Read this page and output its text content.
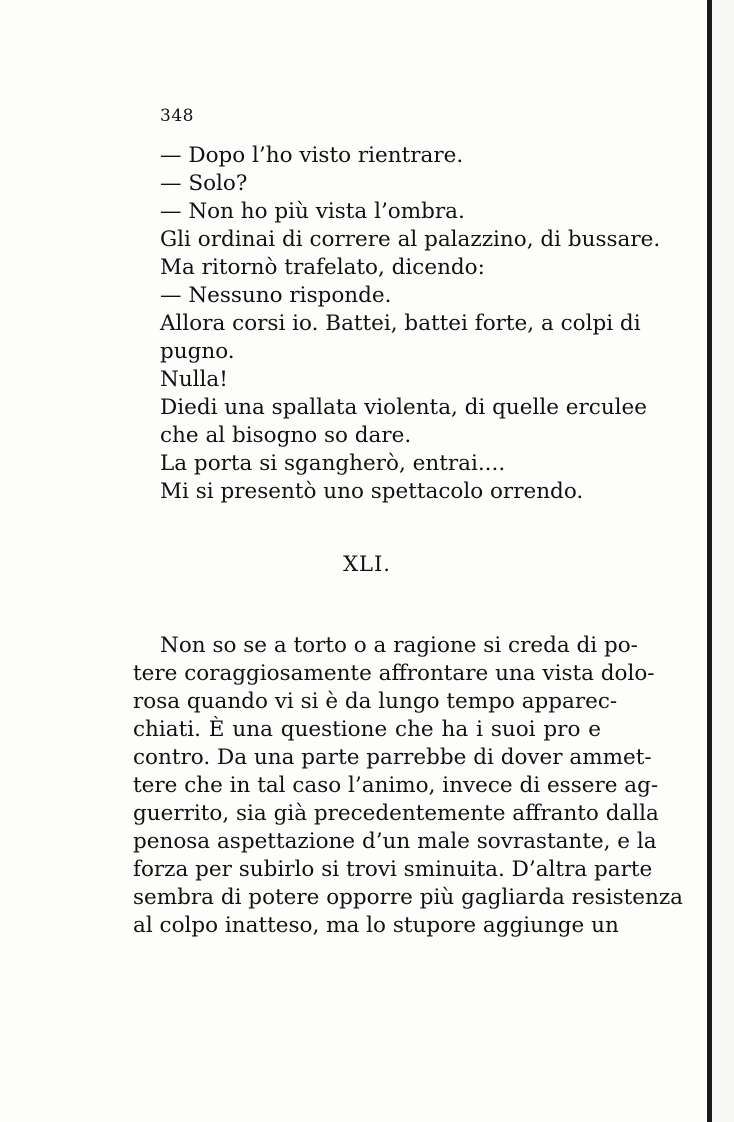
348
— Dopo l’ho visto rientrare.
— Solo?
— Non ho più vista l’ombra.
Gli ordinai di correre al palazzino, di bussare.
Ma ritornò trafelato, dicendo:
— Nessuno risponde.
Allora corsi io. Battei, battei forte, a colpi di
pugno.
Nulla!
Diedi una spallata violenta, di quelle erculee
che al bisogno so dare.
La porta si sgangherò, entrai....
Mi si presentò uno spettacolo orrendo.
XLI.
Non so se a torto o a ragione si creda di po-
tere coraggiosamente affrontare una vista dolo-
rosa quando vi si è da lungo tempo apparec-
chiati. È una questione che ha i suoi pro e
contro. Da una parte parrebbe di dover ammet-
tere che in tal caso l’animo, invece di essere ag-
guerrito, sia già precedentemente affranto dalla
penosa aspettazione d’un male sovrastante, e la
forza per subirlo si trovi sminuita. D’altra parte
sembra di potere opporre più gagliarda resistenza
al colpo inatteso, ma lo stupore aggiunge un
